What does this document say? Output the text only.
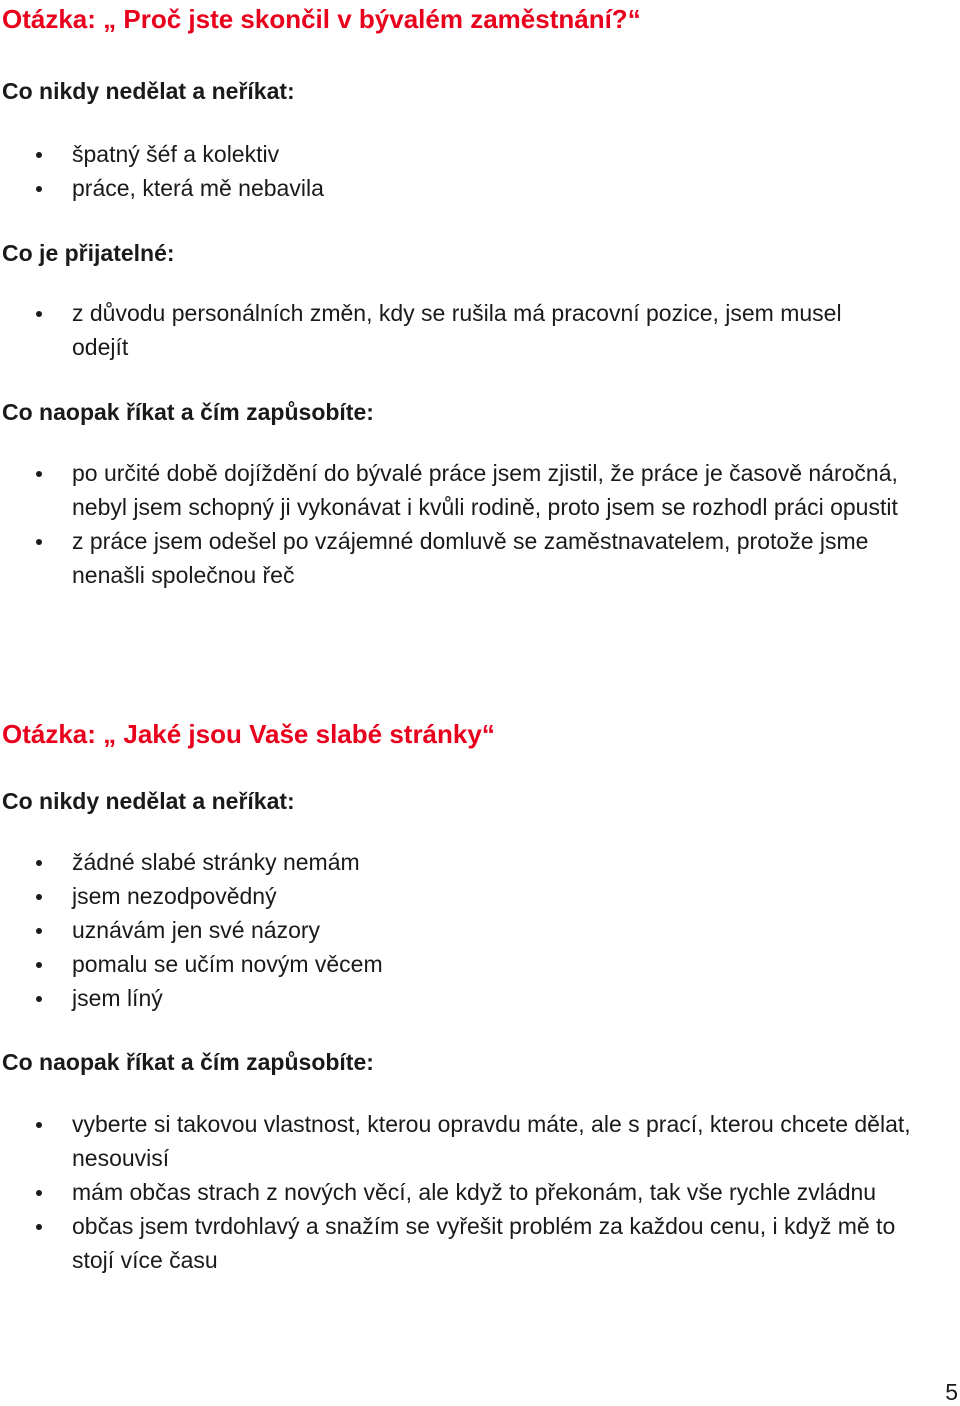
Otázka: „ Proč jste skončil v bývalém zaměstnání?“
Co nikdy nedělat a neříkat:
špatný šéf a kolektiv
práce, která mě nebavila
Co je přijatelné:
z důvodu personálních změn, kdy se rušila má pracovní pozice, jsem musel odejít
Co naopak říkat a čím zapůsobíte:
po určité době dojíždění do bývalé práce jsem zjistil, že práce je časově náročná, nebyl jsem schopný ji vykonávat i kvůli rodině, proto jsem se rozhodl práci opustit
z práce jsem odešel po vzájemné domluvě se zaměstnavatelem, protože jsme nenašli společnou řeč
Otázka: „ Jaké jsou Vaše slabé stránky“
Co nikdy nedělat a neříkat:
žádné slabé stránky nemám
jsem nezodpovědný
uznávám jen své názory
pomalu se učím novým věcem
jsem líný
Co naopak říkat a čím zapůsobíte:
vyberte si takovou vlastnost, kterou opravdu máte, ale s prací, kterou chcete dělat, nesouvisí
mám občas strach z nových věcí, ale když to překonám, tak vše rychle zvládnu
občas jsem tvrdohlavý a snažím se vyřešit problém za každou cenu, i když mě to stojí více času
5
